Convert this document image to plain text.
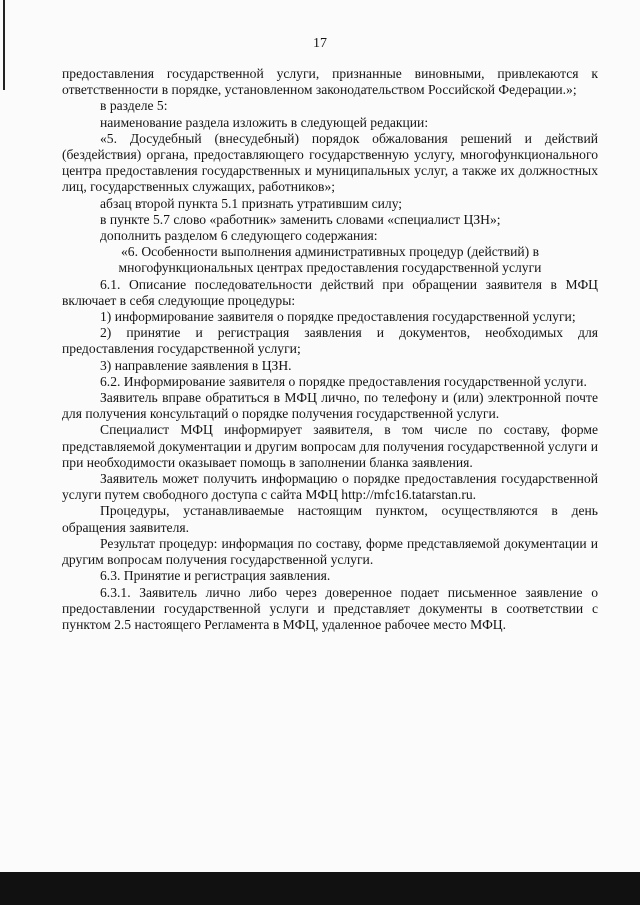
17

предоставления государственной услуги, признанные виновными, привлекаются к ответственности в порядке, установленном законодательством Российской Федерации.»;

в разделе 5:

наименование раздела изложить в следующей редакции:

«5. Досудебный (внесудебный) порядок обжалования решений и действий (бездействия) органа, предоставляющего государственную услугу, многофункционального центра предоставления государственных и муниципальных услуг, а также их должностных лиц, государственных служащих, работников»;

абзац второй пункта 5.1 признать утратившим силу;

в пункте 5.7 слово «работник» заменить словами «специалист ЦЗН»;

дополнить разделом 6 следующего содержания:

«6. Особенности выполнения административных процедур (действий) в многофункциональных центрах предоставления государственной услуги

6.1. Описание последовательности действий при обращении заявителя в МФЦ включает в себя следующие процедуры:

1) информирование заявителя о порядке предоставления государственной услуги;

2) принятие и регистрация заявления и документов, необходимых для предоставления государственной услуги;

3) направление заявления в ЦЗН.

6.2. Информирование заявителя о порядке предоставления государственной услуги.

Заявитель вправе обратиться в МФЦ лично, по телефону и (или) электронной почте для получения консультаций о порядке получения государственной услуги.

Специалист МФЦ информирует заявителя, в том числе по составу, форме представляемой документации и другим вопросам для получения государственной услуги и при необходимости оказывает помощь в заполнении бланка заявления.

Заявитель может получить информацию о порядке предоставления государственной услуги путем свободного доступа с сайта МФЦ http://mfc16.tatarstan.ru.

Процедуры, устанавливаемые настоящим пунктом, осуществляются в день обращения заявителя.

Результат процедур: информация по составу, форме представляемой документации и другим вопросам получения государственной услуги.

6.3. Принятие и регистрация заявления.

6.3.1. Заявитель лично либо через доверенное подает письменное заявление о предоставлении государственной услуги и представляет документы в соответствии с пунктом 2.5 настоящего Регламента в МФЦ, удаленное рабочее место МФЦ.
